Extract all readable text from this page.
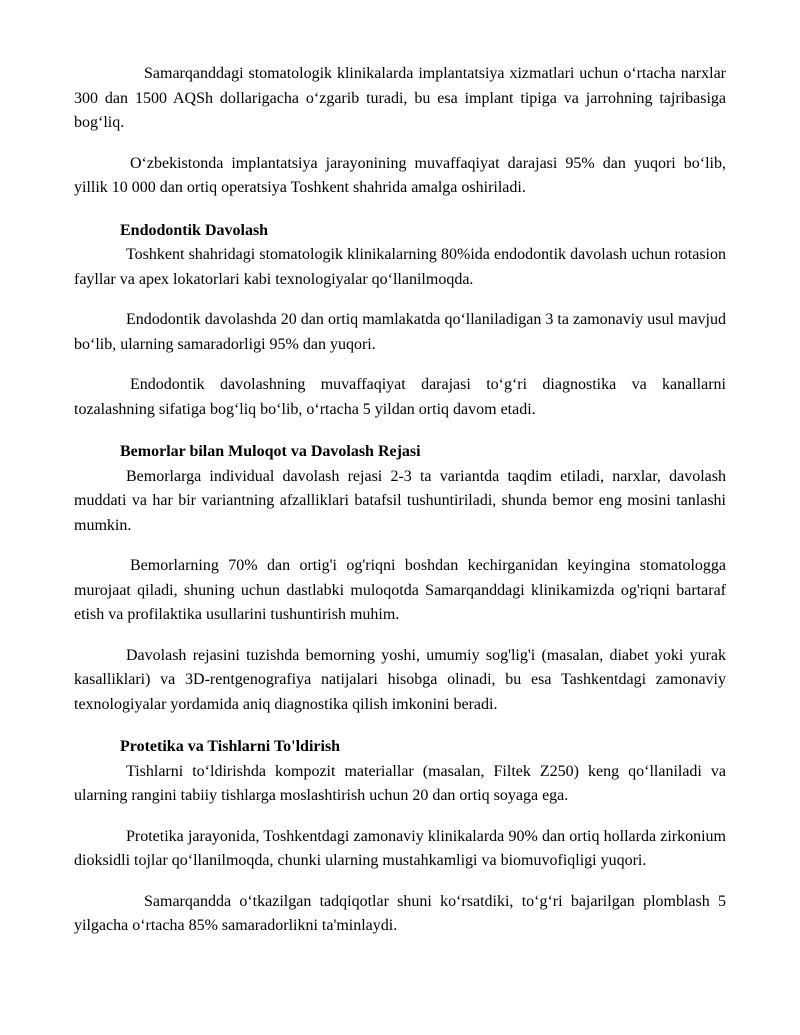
Samarqanddagi stomatologik klinikalarda implantatsiya xizmatlari uchun o‘rtacha narxlar 300 dan 1500 AQSh dollarigacha o‘zgarib turadi, bu esa implant tipiga va jarrohning tajribasiga bog‘liq.

O‘zbekistonda implantatsiya jarayonining muvaffaqiyat darajasi 95% dan yuqori bo‘lib, yillik 10 000 dan ortiq operatsiya Toshkent shahrida amalga oshiriladi.

Endodontik Davolash

Toshkent shahridagi stomatologik klinikalarning 80%ida endodontik davolash uchun rotasion fayllar va apex lokatorlari kabi texnologiyalar qo‘llanilmoqda.

Endodontik davolashda 20 dan ortiq mamlakatda qo‘llaniladigan 3 ta zamonaviy usul mavjud bo‘lib, ularning samaradorligi 95% dan yuqori.

Endodontik davolashning muvaffaqiyat darajasi to‘g‘ri diagnostika va kanallarni tozalashning sifatiga bog‘liq bo‘lib, o‘rtacha 5 yildan ortiq davom etadi.

Bemorlar bilan Muloqot va Davolash Rejasi

Bemorlarga individual davolash rejasi 2-3 ta variantda taqdim etiladi, narxlar, davolash muddati va har bir variantning afzalliklari batafsil tushuntiriladi, shunda bemor eng mosini tanlashi mumkin.

Bemorlarning 70% dan ortig'i og'riqni boshdan kechirganidan keyingina stomatologga murojaat qiladi, shuning uchun dastlabki muloqotda Samarqanddagi klinikamizda og'riqni bartaraf etish va profilaktika usullarini tushuntirish muhim.

Davolash rejasini tuzishda bemorning yoshi, umumiy sog'lig'i (masalan, diabet yoki yurak kasalliklari) va 3D-rentgenografiya natijalari hisobga olinadi, bu esa Tashkentdagi zamonaviy texnologiyalar yordamida aniq diagnostika qilish imkonini beradi.

Protetika va Tishlarni To'ldirish

Tishlarni to‘ldirishda kompozit materiallar (masalan, Filtek Z250) keng qo‘llaniladi va ularning rangini tabiiy tishlarga moslashtirish uchun 20 dan ortiq soyaga ega.

Protetika jarayonida, Toshkentdagi zamonaviy klinikalarda 90% dan ortiq hollarda zirkonium dioksidli tojlar qo‘llanilmoqda, chunki ularning mustahkamligi va biomuvofiqligi yuqori.

Samarqandda o‘tkazilgan tadqiqotlar shuni ko‘rsatdiki, to‘g‘ri bajarilgan plomblash 5 yilgacha o‘rtacha 85% samaradorlikni ta'minlaydi.
